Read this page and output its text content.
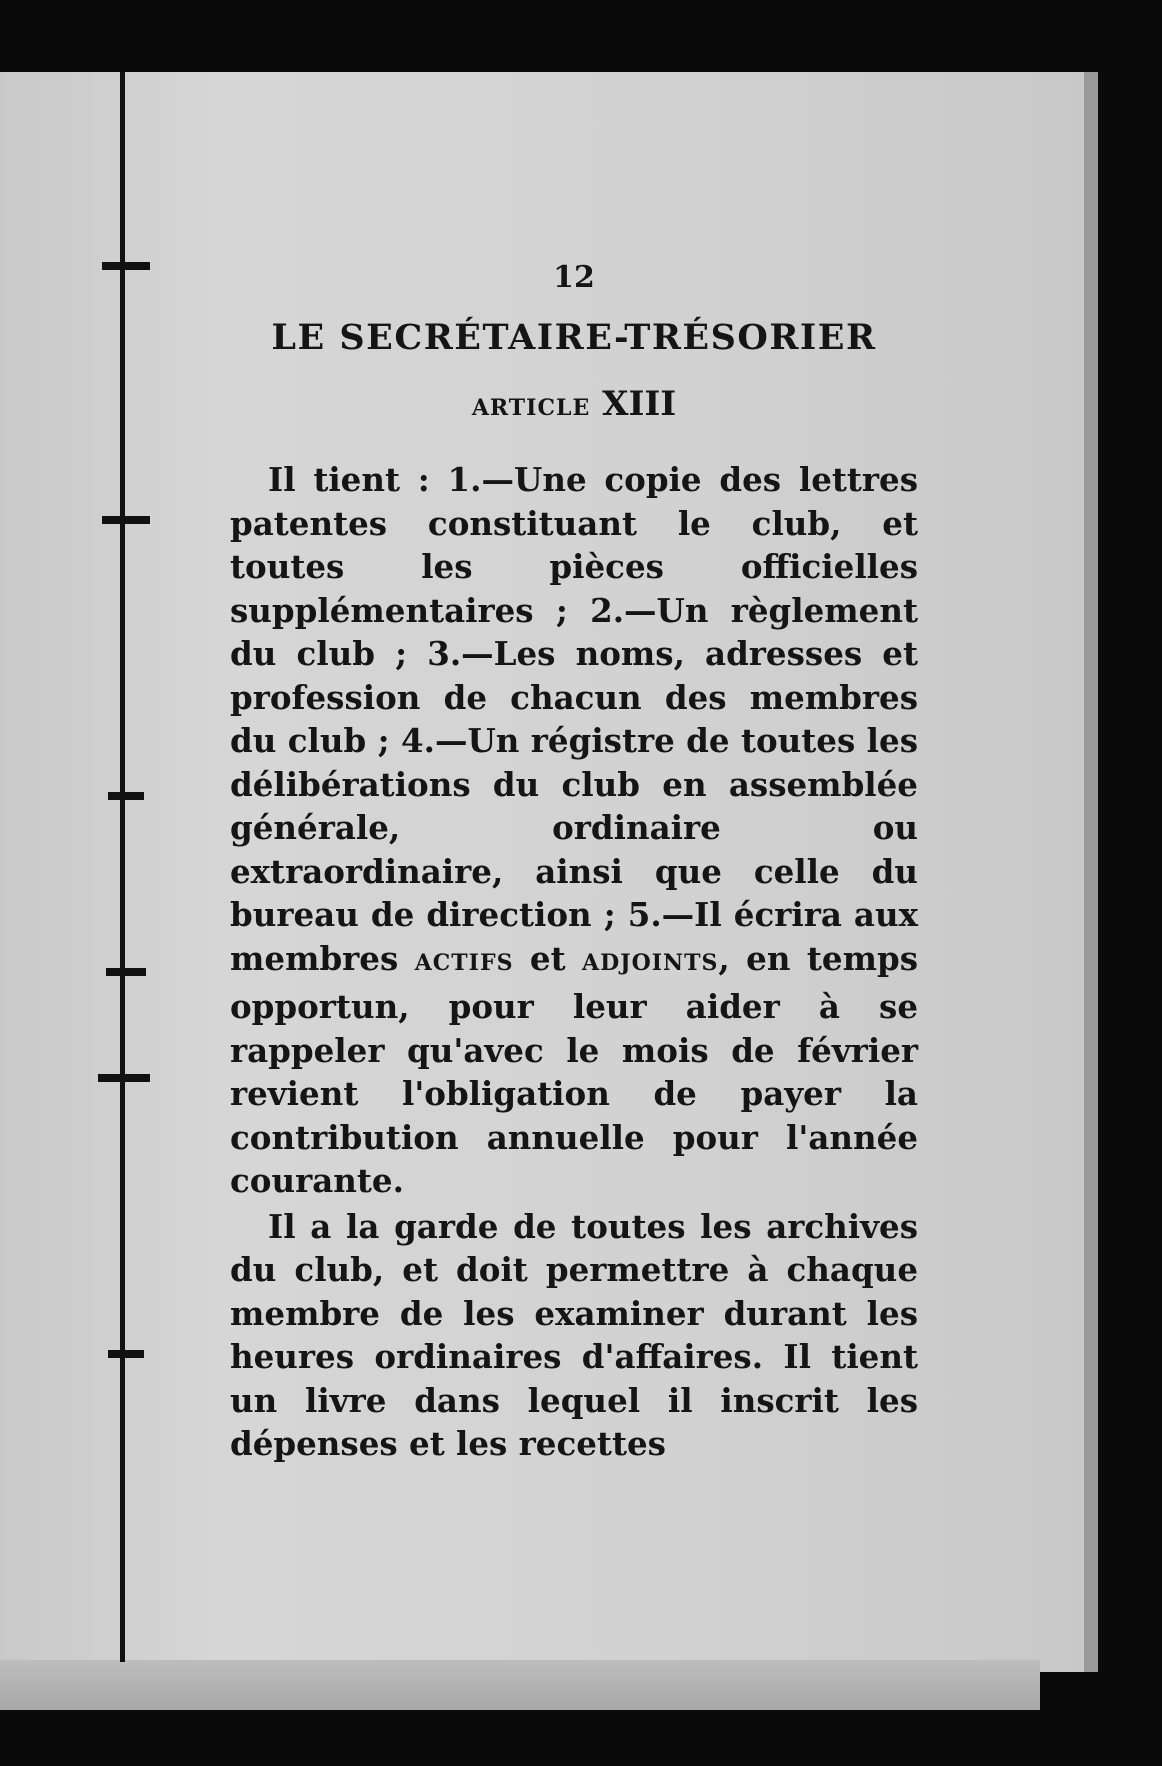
12
LE SECRÉTAIRE-TRÉSORIER
ARTICLE XIII

Il tient : 1.—Une copie des lettres patentes constituant le club, et toutes les pièces officielles supplémentaires ; 2.—Un règlement du club ; 3.—Les noms, adresses et profession de chacun des membres du club ; 4.—Un régistre de toutes les délibérations du club en assemblée générale, ordinaire ou extraordinaire, ainsi que celle du bureau de direction ; 5.—Il écrira aux membres ACTIFS et ADJOINTS, en temps opportun, pour leur aider à se rappeler qu'avec le mois de février revient l'obligation de payer la contribution annuelle pour l'année courante.

Il a la garde de toutes les archives du club, et doit permettre à chaque membre de les examiner durant les heures ordinaires d'affaires. Il tient un livre dans lequel il inscrit les dépenses et les recettes
